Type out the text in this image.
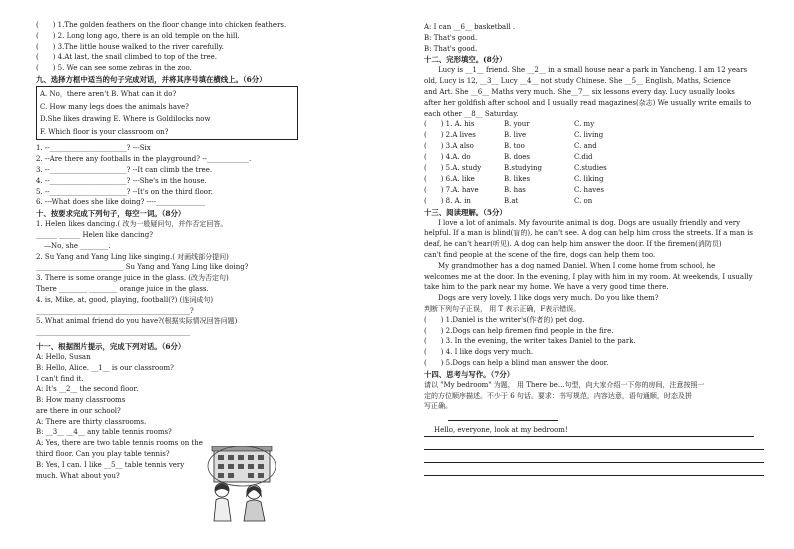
(　　) 1.The golden feathers on the floor change into chicken feathers.
(　　) 2. Long long ago, there is an old temple on the hill.
(　　) 3.The little house walked to the river carefully.
(　　) 4.At last, the snail climbed to top of the tree.
(　　) 5. We can see some zebras in the zoo.
九、选择方框中适当的句子完成对话，并将其序号填在横线上。（6分）
A. No，there aren't B. What can it do?
C. How many legs does the animals have?
D.She likes drawing E. Where is Goldilocks now
F. Which floor is your classroom on?
1. --______________________? ---Six
2. --Are there any footballs in the playground? --____________.
3. --______________________? --It can climb the tree.
4. --______________________? ---She's in the house.
5. --______________________? --It's on the third floor.
6. ---What does she like doing? ----______________
十、按要求完成下列句子，每空一词。（8分）
1. Helen likes dancing.( 改为一般疑问句，并作否定回答。
______ ______ Helen like dancing?
—No, she ________.
2. Su Yang and Yang Ling like singing.( 对画线部分提问)
_________________________ Su Yang and Yang Ling like doing?
3. There is some orange juice in the glass. (改为否定句)
There ________ ________ orange juice in the glass.
4. is, Mike, at, good, playing, football(?) (连词成句)
____________________________________________?
5. What animal friend do you have?(根据实际情况回答问题)
____________________________________________
十一、根据图片提示，完成下列对话。（6分）
A: Hello, Susan
B: Hello, Alice. __1__ is our classroom?
I can't find it.
A: It's __2__ the second floor.
B: How many classrooms
are there in our school?
A: There are thirty classrooms.
B: __3__ __4__ any table tennis rooms?
A: Yes, there are two table tennis rooms on the
third floor. Can you play table tennis?
B: Yes, I can. I like __5__ table tennis very
much. What about you?
A: I can __6__ basketball .
B: That's good.
B: That's good.
十二、完形填空。(8分）
Lucy is __1__ friend. She __2__ in a small house near a park in Yancheng. I am 12 years
old, Lucy is 12, __3__ Lucy __4__ not study Chinese. She __5__ English, Maths, Science
and Art. She __6__ Maths very much. She__7__ six lessons every day. Lucy usually looks
after her goldfish after school and I usually read magazines(杂志) We usually write emails to
each other __8__ Saturday.
(　　) 1. A. his	B. your	C. my
(　　) 2.A lives	B. live	C. living
(　　) 3.A also	B. too	C. and
(　　) 4.A. do	B. does	C.did
(　　) 5.A. study	B.studying	C.studies
(　　) 6.A. like	B. likes	C. liking
(　　) 7.A. have	B. has	C. haves
(　　) 8. A. in	B.at	C. on
十三、阅读理解。（5分）
I love a lot of animals. My favourite animal is dog. Dogs are usually friendly and very
helpful. If a man is blind(盲的), he can't see. A dog can help him cross the streets. If a man is
deaf, he can't hear(听见). A dog can help him answer the door. If the firemen(消防员)
can't find people at the scene of the fire, dogs can help them too.
My grandmother has a dog named Daniel. When I come home from school, he
welcomes me at the door. In the evening, I play with him in my room. At weekends, I usually
take him to the park near my home. We have a very good time there.
Dogs are very lovely. I like dogs very much. Do you like them?
判断下列句子正误， 用 T 表示正确，F表示错误。
(　　) 1.Daniel is the writer's(作者的) pet dog.
(　　) 2.Dogs can help firemen find people in the fire.
(　　) 3. In the evening, the writer takes Daniel to the park.
(　　) 4. I like dogs very much.
(　　) 5.Dogs can help a blind man answer the door.
十四、思考与写作。（7分）
请以 "My bedroom" 为题， 用 There be...句型，向大家介绍一下你的房间，注意按照一
定的方位顺序描述。不少于 6 句话。要求：书写规范，内容达意，语句通顺，时态及拼
写正确。
Hello, everyone, look at my bedroom!
